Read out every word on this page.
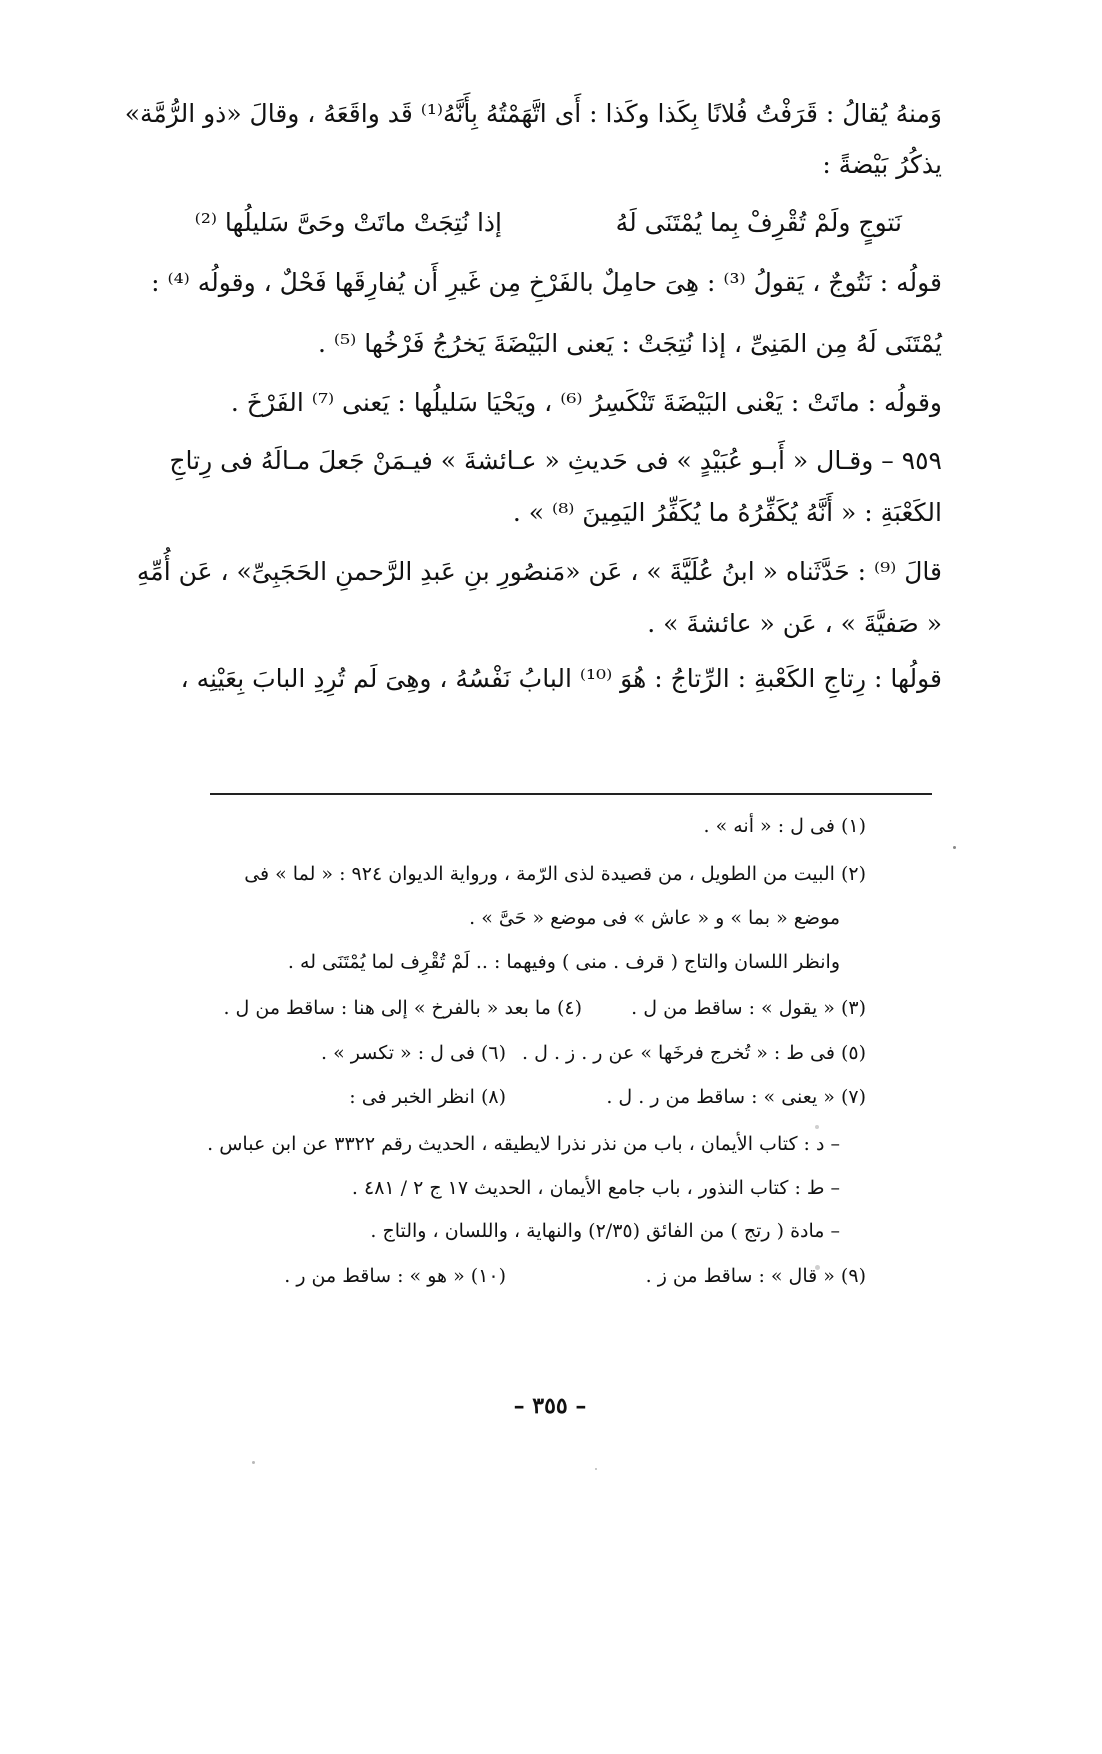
وَمنهُ يُقالُ : قَرَفْتُ فُلانًا بِكَذا وكَذا : أَى اتَّهَمْتُهُ بِأَنَّهُ⁽¹⁾ قَد واقَعَهُ ، وقالَ «ذو الرُّمَّة»
يذكُرُ بَيْضةً :
نَتوجٍ ولَمْ تُقْرِفْ بِما يُمْتَنَى لَهُ
إذا نُتِجَتْ ماتَتْ وحَىَّ سَليلُها ⁽²⁾
قولُه : نَتُوجٌ ، يَقولُ ⁽³⁾ : هِىَ حامِلٌ بالفَرْخِ مِن غَيرِ أَن يُفارِقَها فَحْلٌ ، وقولُه ⁽⁴⁾ :
يُمْتَنَى لَهُ مِن المَنِىِّ ، إذا نُتِجَتْ : يَعنى البَيْضَةَ يَخرُجُ فَرْخُها ⁽⁵⁾ .
وقولُه : ماتَتْ : يَعْنى البَيْضَةَ تَنْكَسِرُ ⁽⁶⁾ ، ويَحْيَا سَليلُها : يَعنى ⁽⁷⁾ الفَرْخَ .
٩٥٩ – وقـال « أَبـو عُبَيْدٍ » فى حَديثِ « عـائشةَ » فيـمَنْ جَعلَ مـالَهُ فى رِتاجِ
الكَعْبَةِ : « أَنَّهُ يُكَفِّرُهُ ما يُكَفِّرُ اليَمِينَ ⁽⁸⁾ » .
قالَ ⁽⁹⁾ : حَدَّثَناه « ابنُ عُلَيَّةَ » ، عَن «مَنصُورِ بنِ عَبدِ الرَّحمنِ الحَجَبِىِّ» ، عَن أُمِّهِ
« صَفيَّةَ » ، عَن « عائشةَ » .
قولُها : رِتاجِ الكَعْبةِ : الرِّتاجُ : هُوَ ⁽¹⁰⁾ البابُ نَفْسُهُ ، وهِىَ لَم تُرِدِ البابَ بِعَيْنِه ،
(١) فى ل : « أنه » .
(٢) البيت من الطويل ، من قصيدة لذى الرّمة ، ورواية الديوان ٩٢٤ : « لما » فى
موضع « بما » و « عاش » فى موضع « حَىَّ » .
وانظر اللسان والتاج ( قرف . منى ) وفيهما : .. لَمْ تُقْرِف لما يُمْتَنَى له .
(٣) « يقول » : ساقط من ل .
(٤) ما بعد « بالفرخ » إلى هنا : ساقط من ل .
(٥) فى ط : « تُخرج فرخَها » عن ر . ز . ل .
(٦) فى ل : « تكسر » .
(٧) « يعنى » : ساقط من ر . ل .
(٨) انظر الخبر فى :
– د : كتاب الأيمان ، باب من نذر نذرا لايطيقه ، الحديث رقم ٣٣٢٢ عن ابن عباس .
– ط : كتاب النذور ، باب جامع الأيمان ، الحديث ١٧ ج ٢ / ٤٨١ .
– مادة ( رتج ) من الفائق (٢/٣٥) والنهاية ، واللسان ، والتاج .
(٩) « قال » : ساقط من ز .
(١٠) « هو » : ساقط من ر .
– ٣٥٥ –
